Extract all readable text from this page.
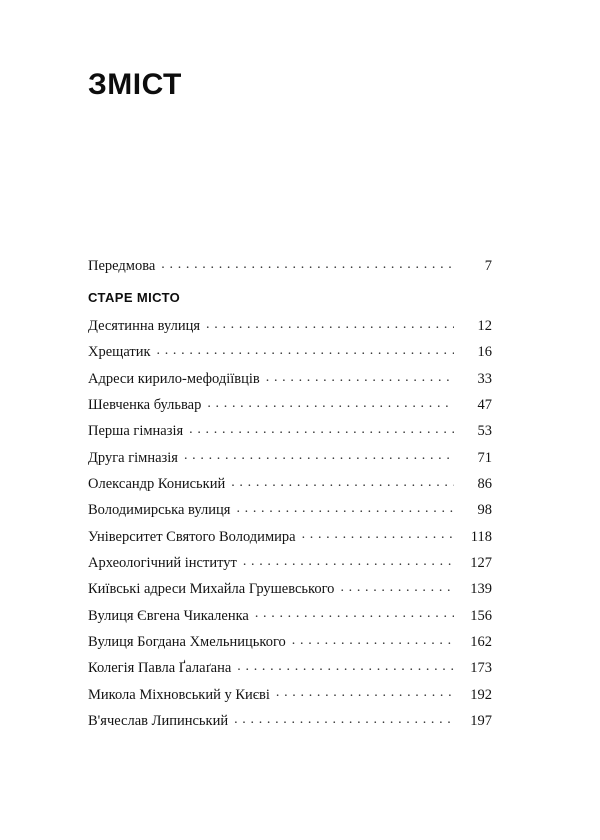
ЗМІСТ
Передмова . . .	7
СТАРЕ МІСТО
Десятинна вулиця . . .	12
Хрещатик . . .	16
Адреси кирило-мефодіївців . . .	33
Шевченка бульвар . . .	47
Перша гімназія . . .	53
Друга гімназія . . .	71
Олександр Кониський . . .	86
Володимирська вулиця . . .	98
Університет Святого Володимира . . .	118
Археологічний інститут . . .	127
Київські адреси Михайла Грушевського . . .	139
Вулиця Євгена Чикаленка . . .	156
Вулиця Богдана Хмельницького . . .	162
Колегія Павла Ґалаґана . . .	173
Микола Міхновський у Києві . . .	192
В'ячеслав Липинський . . .	197
